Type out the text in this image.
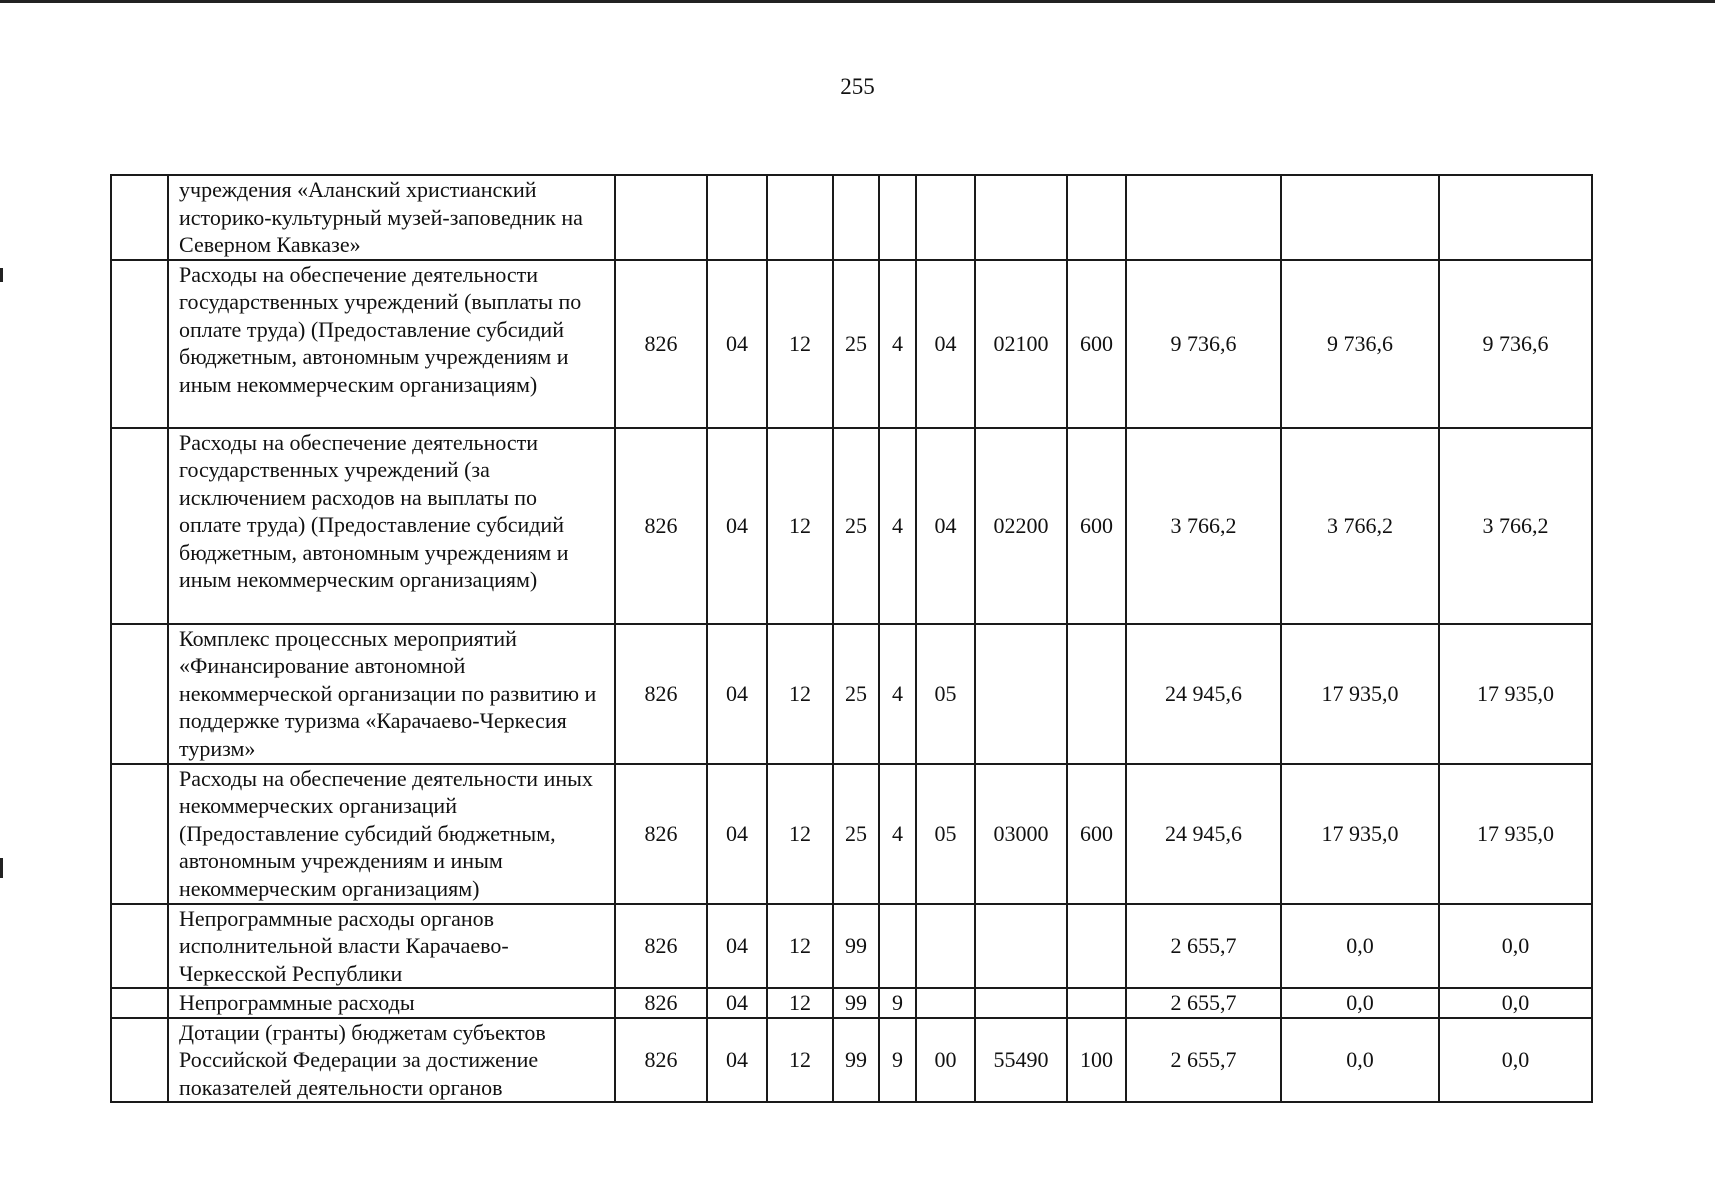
255
	учреждения «Аланский христианский историко-культурный музей-заповедник на Северном Кавказе»											
	Расходы на обеспечение деятельности государственных учреждений (выплаты по оплате труда) (Предоставление субсидий бюджетным, автономным учреждениям и иным некоммерческим организациям)	826	04	12	25	4	04	02100	600	9 736,6	9 736,6	9 736,6
	Расходы на обеспечение деятельности государственных учреждений (за исключением расходов на выплаты по оплате труда) (Предоставление субсидий бюджетным, автономным учреждениям и иным некоммерческим организациям)	826	04	12	25	4	04	02200	600	3 766,2	3 766,2	3 766,2
	Комплекс процессных мероприятий «Финансирование автономной некоммерческой организации по развитию и поддержке туризма «Карачаево-Черкесия туризм»	826	04	12	25	4	05			24 945,6	17 935,0	17 935,0
	Расходы на обеспечение деятельности иных некоммерческих организаций (Предоставление субсидий бюджетным, автономным учреждениям и иным некоммерческим организациям)	826	04	12	25	4	05	03000	600	24 945,6	17 935,0	17 935,0
	Непрограммные расходы органов исполнительной власти Карачаево-Черкесской Республики	826	04	12	99					2 655,7	0,0	0,0
	Непрограммные расходы	826	04	12	99	9				2 655,7	0,0	0,0
	Дотации (гранты) бюджетам субъектов Российской Федерации за достижение показателей деятельности органов	826	04	12	99	9	00	55490	100	2 655,7	0,0	0,0
